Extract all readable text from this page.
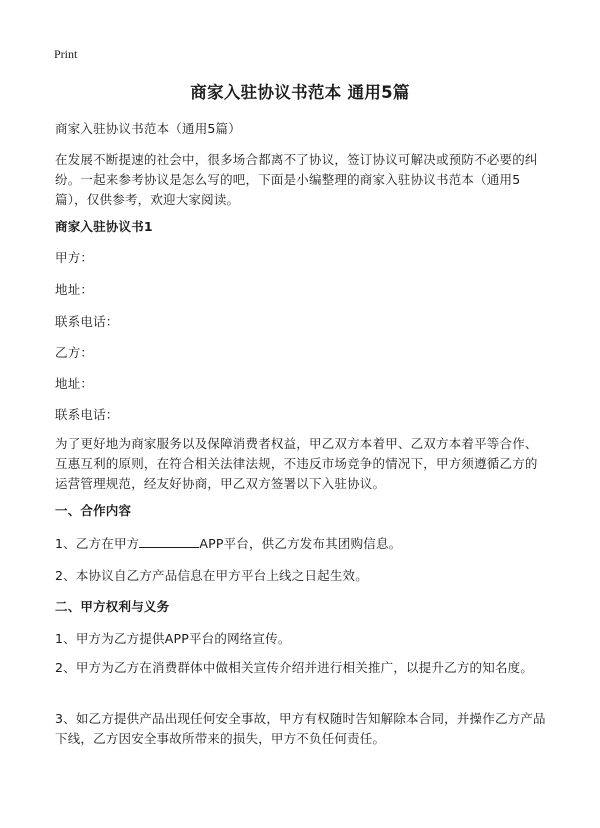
Print
商家入驻协议书范本 通用5篇

商家入驻协议书范本（通用5篇）

在发展不断提速的社会中，很多场合都离不了协议，签订协议可解决或预防不必要的纠纷。一起来参考协议是怎么写的吧，下面是小编整理的商家入驻协议书范本（通用5篇），仅供参考，欢迎大家阅读。

商家入驻协议书1

甲方：

地址：

联系电话：

乙方：

地址：

联系电话：

为了更好地为商家服务以及保障消费者权益，甲乙双方本着甲、乙双方本着平等合作、互惠互利的原则，在符合相关法律法规，不违反市场竞争的情况下，甲方须遵循乙方的运营管理规范，经友好协商，甲乙双方签署以下入驻协议。

一、合作内容

1、乙方在甲方	APP平台，供乙方发布其团购信息。

2、本协议自乙方产品信息在甲方平台上线之日起生效。

二、甲方权利与义务

1、甲方为乙方提供APP平台的网络宣传。

2、甲方为乙方在消费群体中做相关宣传介绍并进行相关推广，以提升乙方的知名度。

3、如乙方提供产品出现任何安全事故，甲方有权随时告知解除本合同，并操作乙方产品下线，乙方因安全事故所带来的损失，甲方不负任何责任。
